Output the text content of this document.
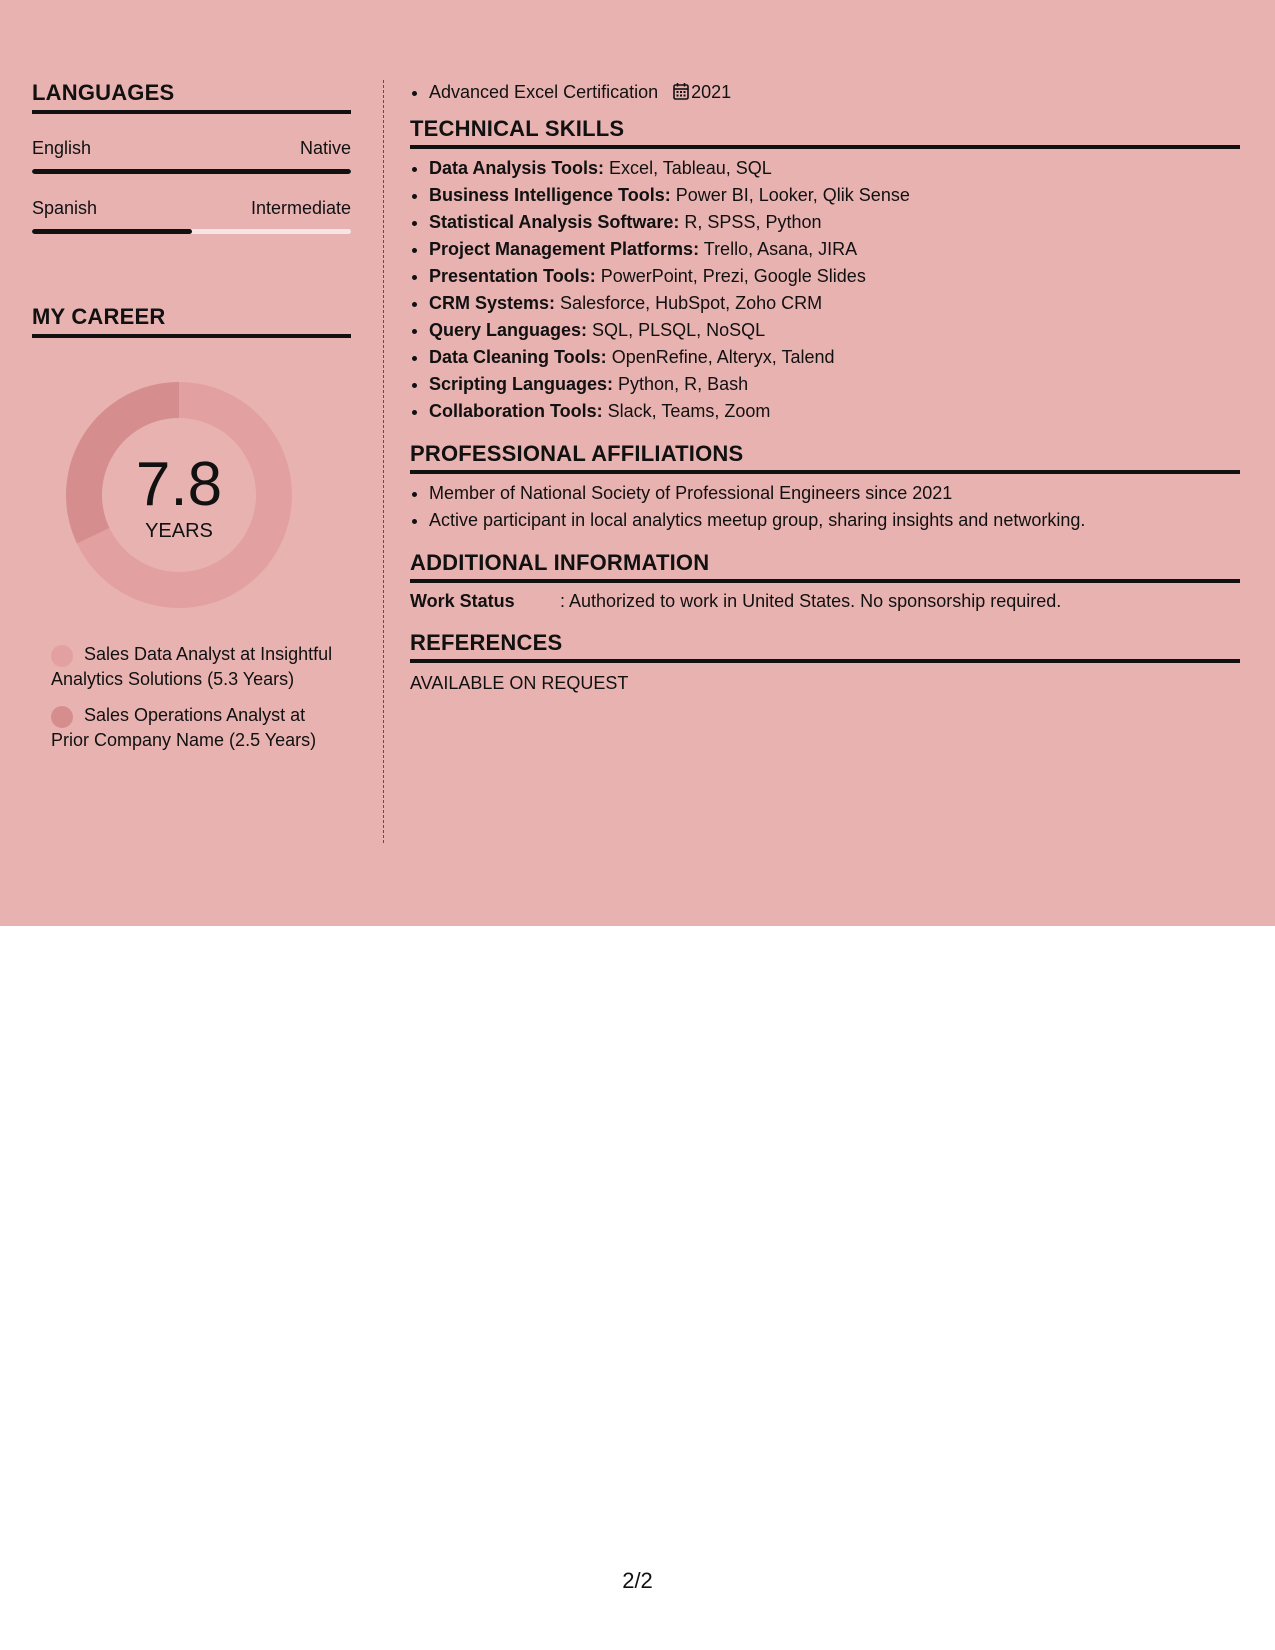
LANGUAGES
English	Native
Spanish	Intermediate
MY CAREER
7.8
YEARS
Sales Data Analyst at Insightful Analytics Solutions (5.3 Years)
Sales Operations Analyst at Prior Company Name (2.5 Years)
• Advanced Excel Certification 2021
TECHNICAL SKILLS
• Data Analysis Tools: Excel, Tableau, SQL
• Business Intelligence Tools: Power BI, Looker, Qlik Sense
• Statistical Analysis Software: R, SPSS, Python
• Project Management Platforms: Trello, Asana, JIRA
• Presentation Tools: PowerPoint, Prezi, Google Slides
• CRM Systems: Salesforce, HubSpot, Zoho CRM
• Query Languages: SQL, PLSQL, NoSQL
• Data Cleaning Tools: OpenRefine, Alteryx, Talend
• Scripting Languages: Python, R, Bash
• Collaboration Tools: Slack, Teams, Zoom
PROFESSIONAL AFFILIATIONS
• Member of National Society of Professional Engineers since 2021
• Active participant in local analytics meetup group, sharing insights and networking.
ADDITIONAL INFORMATION
Work Status	: Authorized to work in United States. No sponsorship required.
REFERENCES
AVAILABLE ON REQUEST
2/2
